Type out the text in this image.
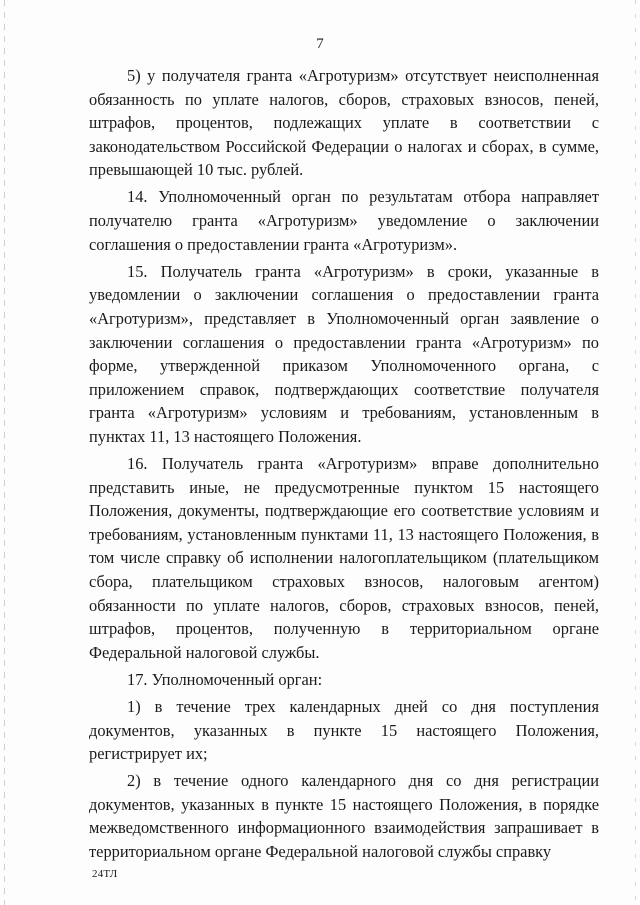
7

5) у получателя гранта «Агротуризм» отсутствует неисполненная обязанность по уплате налогов, сборов, страховых взносов, пеней, штрафов, процентов, подлежащих уплате в соответствии с законодательством Российской Федерации о налогах и сборах, в сумме, превышающей 10 тыс. рублей.

14. Уполномоченный орган по результатам отбора направляет получателю гранта «Агротуризм» уведомление о заключении соглашения о предоставлении гранта «Агротуризм».

15. Получатель гранта «Агротуризм» в сроки, указанные в уведомлении о заключении соглашения о предоставлении гранта «Агротуризм», представляет в Уполномоченный орган заявление о заключении соглашения о предоставлении гранта «Агротуризм» по форме, утвержденной приказом Уполномоченного органа, с приложением справок, подтверждающих соответствие получателя гранта «Агротуризм» условиям и требованиям, установленным в пунктах 11, 13 настоящего Положения.

16. Получатель гранта «Агротуризм» вправе дополнительно представить иные, не предусмотренные пунктом 15 настоящего Положения, документы, подтверждающие его соответствие условиям и требованиям, установленным пунктами 11, 13 настоящего Положения, в том числе справку об исполнении налогоплательщиком (плательщиком сбора, плательщиком страховых взносов, налоговым агентом) обязанности по уплате налогов, сборов, страховых взносов, пеней, штрафов, процентов, полученную в территориальном органе Федеральной налоговой службы.

17. Уполномоченный орган:

1) в течение трех календарных дней со дня поступления документов, указанных в пункте 15 настоящего Положения, регистрирует их;

2) в течение одного календарного дня со дня регистрации документов, указанных в пункте 15 настоящего Положения, в порядке межведомственного информационного взаимодействия запрашивает в территориальном органе Федеральной налоговой службы справку

24ТЛ
